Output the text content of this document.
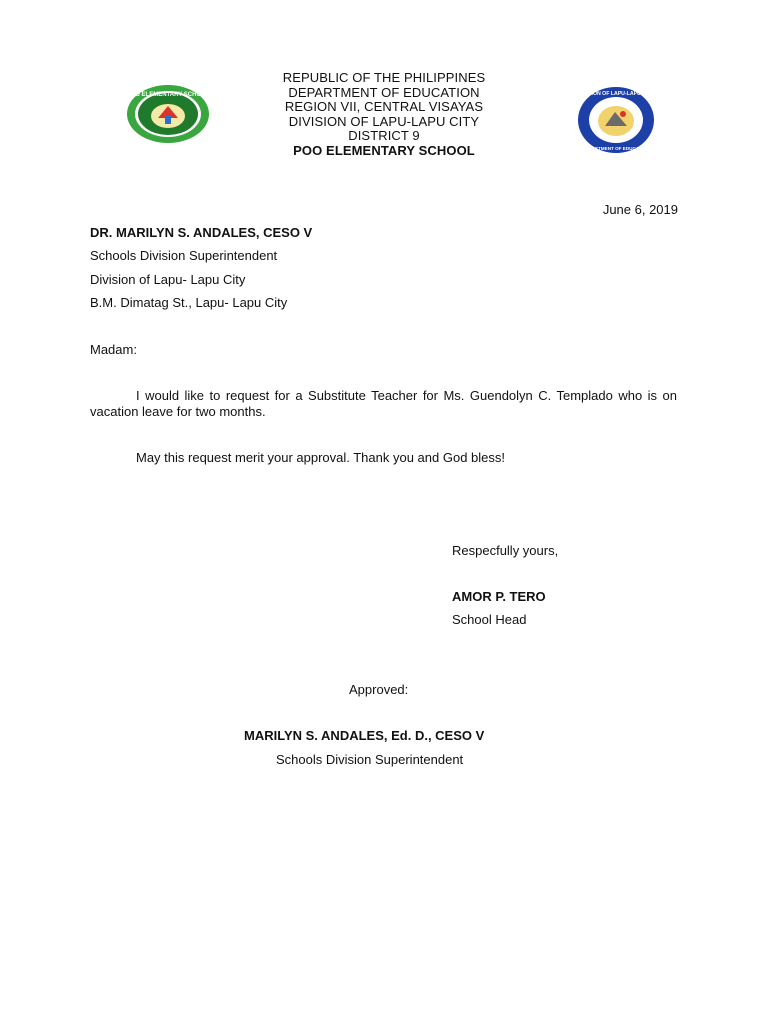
POO ELEMENTARY SCHOOL	DIVISION OF LAPU-LAPU CITY
DEPARTMENT OF EDUCATION
REPUBLIC OF THE PHILIPPINES
DEPARTMENT OF EDUCATION
REGION VII, CENTRAL VISAYAS
DIVISION OF LAPU-LAPU CITY
DISTRICT 9
POO ELEMENTARY SCHOOL
June 6, 2019
DR. MARILYN S. ANDALES, CESO V
Schools Division Superintendent
Division of Lapu- Lapu City
B.M. Dimatag St., Lapu- Lapu City
Madam:
I would like to request for a Substitute Teacher for Ms. Guendolyn C. Templado who is on vacation leave for two months.
May this request merit your approval. Thank you and God bless!
Respecfully yours,
AMOR P. TERO
School Head
Approved:
MARILYN S. ANDALES, Ed. D., CESO V
Schools Division Superintendent
